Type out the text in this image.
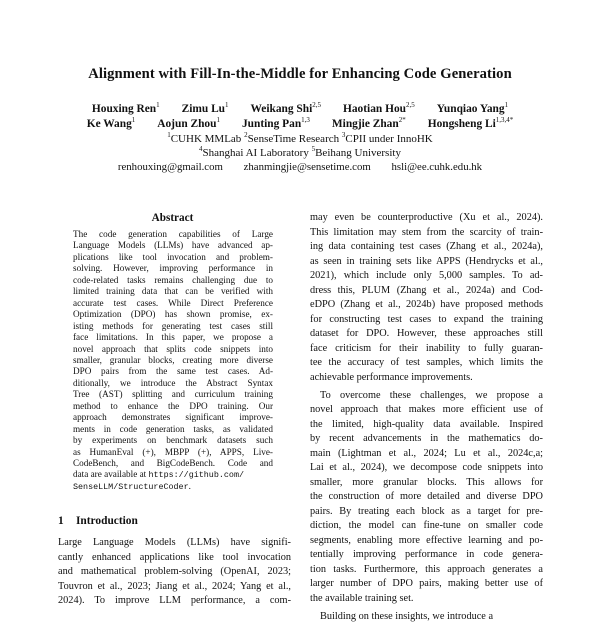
Alignment with Fill-In-the-Middle for Enhancing Code Generation
Houxing Ren$^1$ Zimu Lu$^1$ Weikang Shi$^{2,5}$ Haotian Hou$^{2,5}$ Yunqiao Yang$^1$
Ke Wang$^1$ Aojun Zhou$^1$ Junting Pan$^{1,3}$ Mingjie Zhan$^{2*}$ Hongsheng $Li^{1,3,4*}$
$^1$CUHK MMLab $^2$SenseTime Research $^3$CPII under InnoHK
$^4$Shanghai AI Laboratory $^5$Beihang University
renhouxing@gmail.com zhanmingjie@sensetime.com hsli@ee.cuhk.edu.hk
Abstract
The code generation capabilities of Large
Language Models (LLMs) have advanced ap-
plications like tool invocation and problem-
solving. However, improving performance in
code-related tasks remains challenging due to
limited training data that can be verified with
accurate test cases. While Direct Preference
Optimization (DPO) has shown promise, ex-
isting methods for generating test cases still
face limitations. In this paper, we propose a
novel approach that splits code snippets into
smaller, granular blocks, creating more diverse
DPO pairs from the same test cases. Ad-
ditionally, we introduce the Abstract Syntax
Tree (AST) splitting and curriculum training
method to enhance the DPO training. Our
approach demonstrates significant improve-
ments in code generation tasks, as validated
by experiments on benchmark datasets such
as HumanEval (+), MBPP (+), APPS, Live-
CodeBench, and BigCodeBench. Code and
data are available at https://github.com/
SenseLLM/StructureCoder.
1 Introduction
Large Language Models (LLMs) have signifi-
cantly enhanced applications like tool invocation
and mathematical problem-solving (OpenAI, 2023;
Touvron et al., 2023; Jiang et al., 2024; Yang et al.,
2024). To improve LLM performance, a com-
may even be counterproductive (Xu et al., 2024).
This limitation may stem from the scarcity of train-
ing data containing test cases (Zhang et al., 2024a),
as seen in training sets like APPS (Hendrycks et al.,
2021), which include only 5,000 samples. To ad-
dress this, PLUM (Zhang et al., 2024a) and Cod-
eDPO (Zhang et al., 2024b) have proposed methods
for constructing test cases to expand the training
dataset for DPO. However, these approaches still
face criticism for their inability to fully guaran-
tee the accuracy of test samples, which limits the
achievable performance improvements.
To overcome these challenges, we propose a
novel approach that makes more efficient use of
the limited, high-quality data available. Inspired
by recent advancements in the mathematics do-
main (Lightman et al., 2024; Lu et al., 2024c,a;
Lai et al., 2024), we decompose code snippets into
smaller, more granular blocks. This allows for
the construction of more detailed and diverse DPO
pairs. By treating each block as a target for pre-
diction, the model can fine-tune on smaller code
segments, enabling more effective learning and po-
tentially improving performance in code genera-
tion tasks. Furthermore, this approach generates a
larger number of DPO pairs, making better use of
the available training set.
Building on these insights, we introduce a
